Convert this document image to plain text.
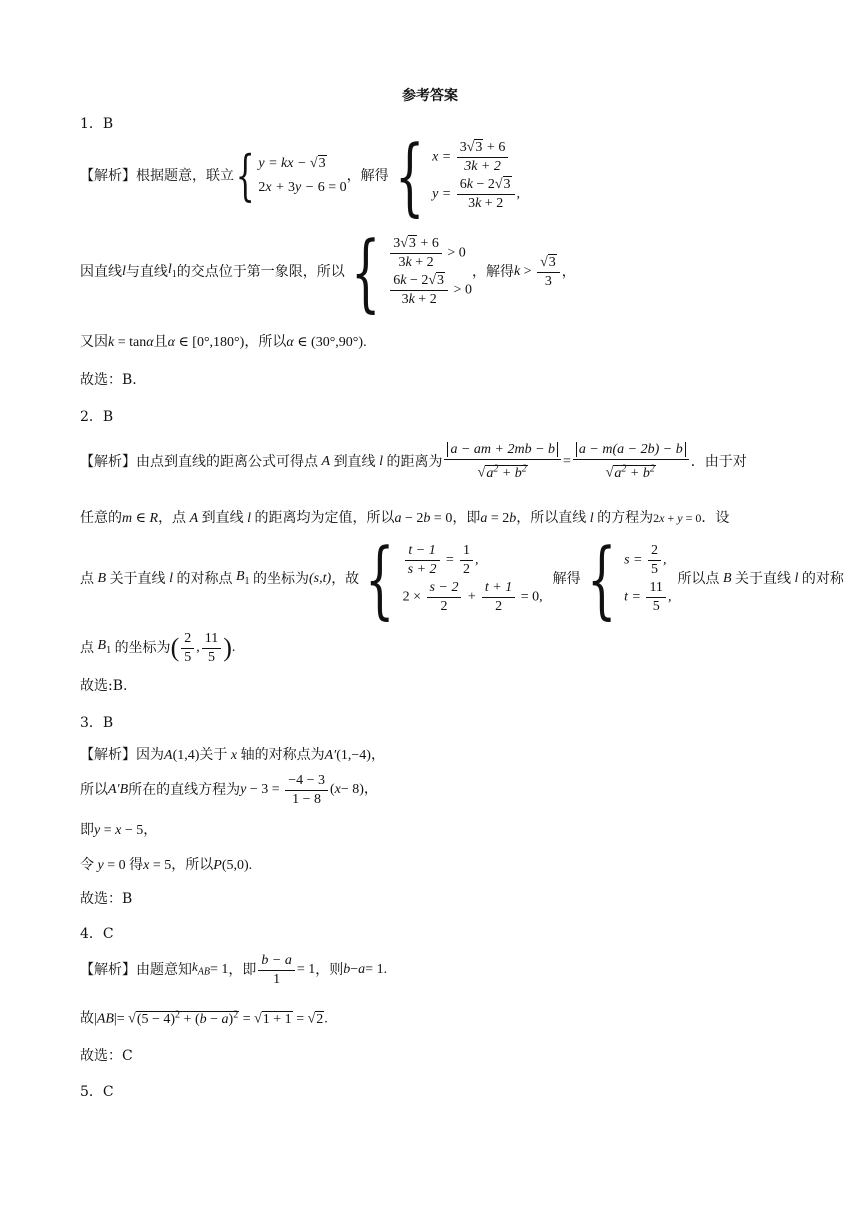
参考答案
1．B
【解析】根据题意，联立 { y = kx − √3
2x + 3y − 6 = 0
，解得 { $x = \frac{3√3 + 6}{3k + 2}$
$y = \frac{6k - 2√3}{3k + 2}$ ,
因直线 l 与直线 $l_1$ 的交点位于第一象限，所以 { $\frac{3√3 + 6}{3k + 2} > 0$
$\frac{6k - 2√3}{3k + 2} > 0$
，解得 $k > \frac{√3}{3}$ ，
又因k = tanα且α ∈ [0°,180°)，所以α ∈ (30°,90°).
故选：B.
2．B
【解析】由点到直线的距离公式可得点 A 到直线 l 的距离为 $\frac{a - am + 2mb - b}{√a^2 + b^2} = \frac{a - m(a - 2b) - b}{√a^2 + b^2}$ ．由于对
任意的m ∈ R，点 A 到直线 l 的距离均为定值，所以a − 2b = 0，即a = 2b，所以直线 l 的方程为2x + y = 0．设
点 B 关于直线 l 的对称点 $B_1$ 的坐标为 (s,t) ，故 { $\frac{t - 1}{s + 2} = \frac{1}{2}$ ,
$2 \times \frac{s - 2}{2} + \frac{t + 1}{2} = 0$,
解得 { $s = \frac{2}{5}$ ,
$t = \frac{11}{5}$ ,
所以点 B 关于直线 l 的对称
点 $B_1$ 的坐标为 ( $\frac{2}{5}$ , $\frac{11}{5}$ ) .
故选:B.
3．B
【解析】因为A(1,4)关于 x 轴的对称点为A′(1,−4)，
所以 A′B 所在的直线方程为 $y - 3 = \frac{-4 - 3}{1 - 8}$ ( x − 8)，
即y = x − 5，
令 y = 0 得x = 5，所以P(5,0).
故选：B
4．C
【解析】由题意知 $k_{AB} = 1$ ，即 $\frac{b - a}{1} = 1$ ，则 b − a = 1.
故$|AB|= √(5 - 4)^2 + (b - a)^2 = √1 + 1 = √2$.
故选：C
5．C
